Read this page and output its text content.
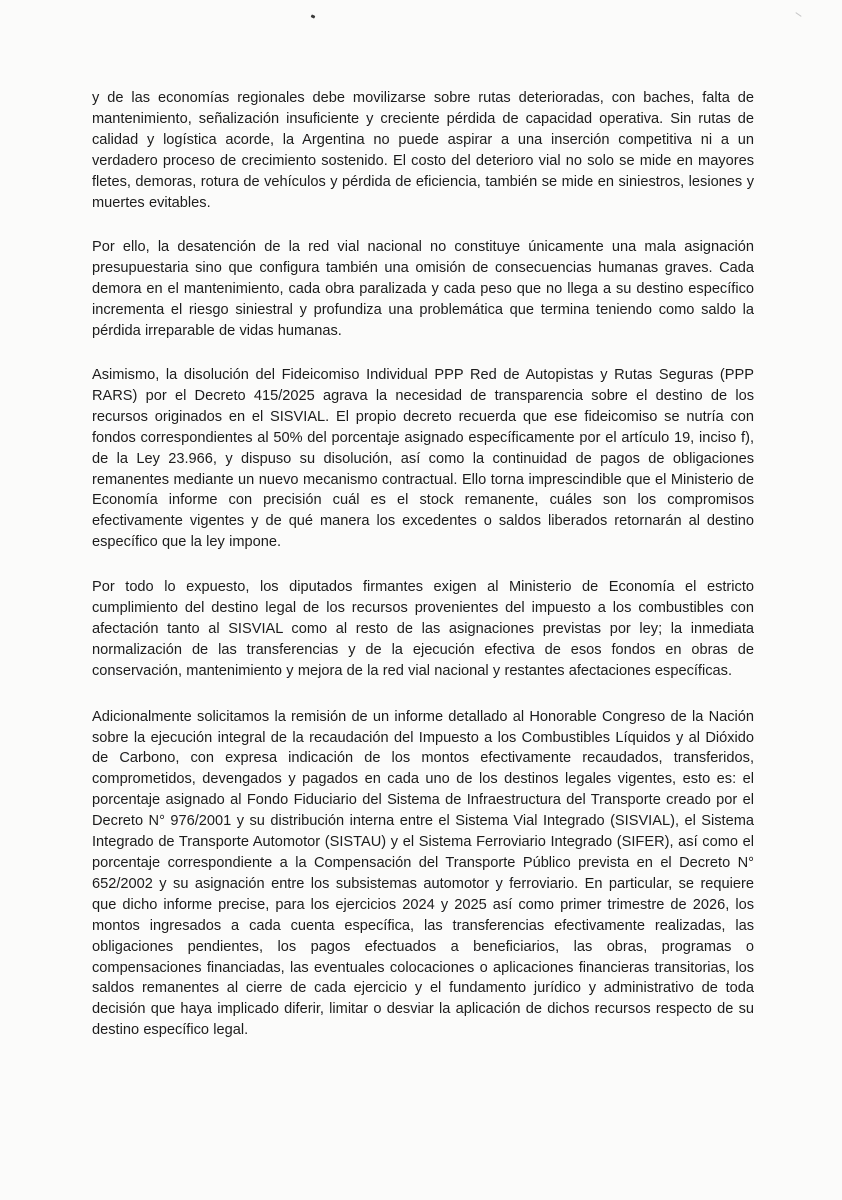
y de las economías regionales debe movilizarse sobre rutas deterioradas, con baches, falta de mantenimiento, señalización insuficiente y creciente pérdida de capacidad operativa. Sin rutas de calidad y logística acorde, la Argentina no puede aspirar a una inserción competitiva ni a un verdadero proceso de crecimiento sostenido. El costo del deterioro vial no solo se mide en mayores fletes, demoras, rotura de vehículos y pérdida de eficiencia, también se mide en siniestros, lesiones y muertes evitables.

Por ello, la desatención de la red vial nacional no constituye únicamente una mala asignación presupuestaria sino que configura también una omisión de consecuencias humanas graves. Cada demora en el mantenimiento, cada obra paralizada y cada peso que no llega a su destino específico incrementa el riesgo siniestral y profundiza una problemática que termina teniendo como saldo la pérdida irreparable de vidas humanas.

Asimismo, la disolución del Fideicomiso Individual PPP Red de Autopistas y Rutas Seguras (PPP RARS) por el Decreto 415/2025 agrava la necesidad de transparencia sobre el destino de los recursos originados en el SISVIAL. El propio decreto recuerda que ese fideicomiso se nutría con fondos correspondientes al 50% del porcentaje asignado específicamente por el artículo 19, inciso f), de la Ley 23.966, y dispuso su disolución, así como la continuidad de pagos de obligaciones remanentes mediante un nuevo mecanismo contractual. Ello torna imprescindible que el Ministerio de Economía informe con precisión cuál es el stock remanente, cuáles son los compromisos efectivamente vigentes y de qué manera los excedentes o saldos liberados retornarán al destino específico que la ley impone.

Por todo lo expuesto, los diputados firmantes exigen al Ministerio de Economía el estricto cumplimiento del destino legal de los recursos provenientes del impuesto a los combustibles con afectación tanto al SISVIAL como al resto de las asignaciones previstas por ley; la inmediata normalización de las transferencias y de la ejecución efectiva de esos fondos en obras de conservación, mantenimiento y mejora de la red vial nacional y restantes afectaciones específicas.

Adicionalmente solicitamos la remisión de un informe detallado al Honorable Congreso de la Nación sobre la ejecución integral de la recaudación del Impuesto a los Combustibles Líquidos y al Dióxido de Carbono, con expresa indicación de los montos efectivamente recaudados, transferidos, comprometidos, devengados y pagados en cada uno de los destinos legales vigentes, esto es: el porcentaje asignado al Fondo Fiduciario del Sistema de Infraestructura del Transporte creado por el Decreto N° 976/2001 y su distribución interna entre el Sistema Vial Integrado (SISVIAL), el Sistema Integrado de Transporte Automotor (SISTAU) y el Sistema Ferroviario Integrado (SIFER), así como el porcentaje correspondiente a la Compensación del Transporte Público prevista en el Decreto N° 652/2002 y su asignación entre los subsistemas automotor y ferroviario. En particular, se requiere que dicho informe precise, para los ejercicios 2024 y 2025 así como primer trimestre de 2026, los montos ingresados a cada cuenta específica, las transferencias efectivamente realizadas, las obligaciones pendientes, los pagos efectuados a beneficiarios, las obras, programas o compensaciones financiadas, las eventuales colocaciones o aplicaciones financieras transitorias, los saldos remanentes al cierre de cada ejercicio y el fundamento jurídico y administrativo de toda decisión que haya implicado diferir, limitar o desviar la aplicación de dichos recursos respecto de su destino específico legal.
